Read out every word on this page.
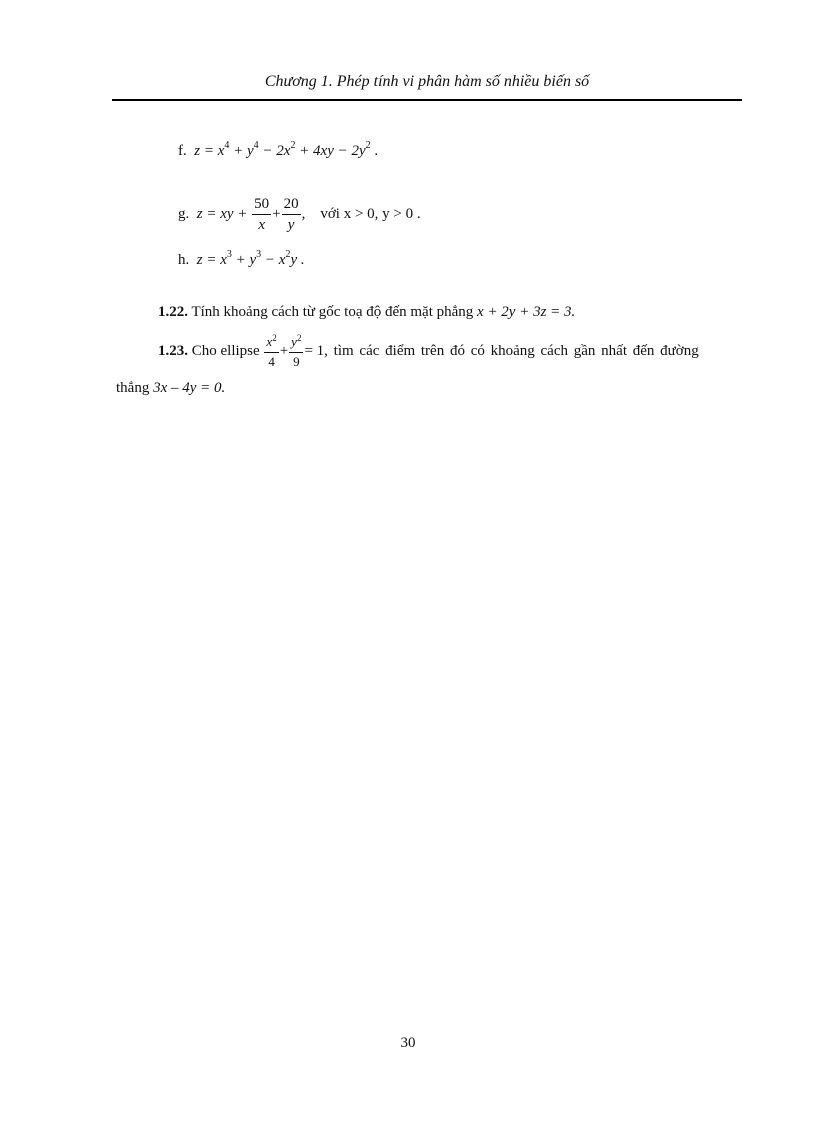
Chương 1. Phép tính vi phân hàm số nhiều biến số
f. $z = x^4 + y^4 - 2x^2 + 4xy - 2y^2$ .
g. z = xy + $\frac{50}{x} + \frac{20}{y}$ , với x > 0, y > 0 .
h. $z = x^3 + y^3 - x^2y$ .
1.22. Tính khoảng cách từ gốc toạ độ đến mặt phẳng x + 2y + 3z = 3.
1.23. Cho ellipse $\frac{x^2}{4} + \frac{y^2}{9} = 1$, tìm các điểm trên đó có khoảng cách gần nhất đến đường
thẳng 3x – 4y = 0.
30
